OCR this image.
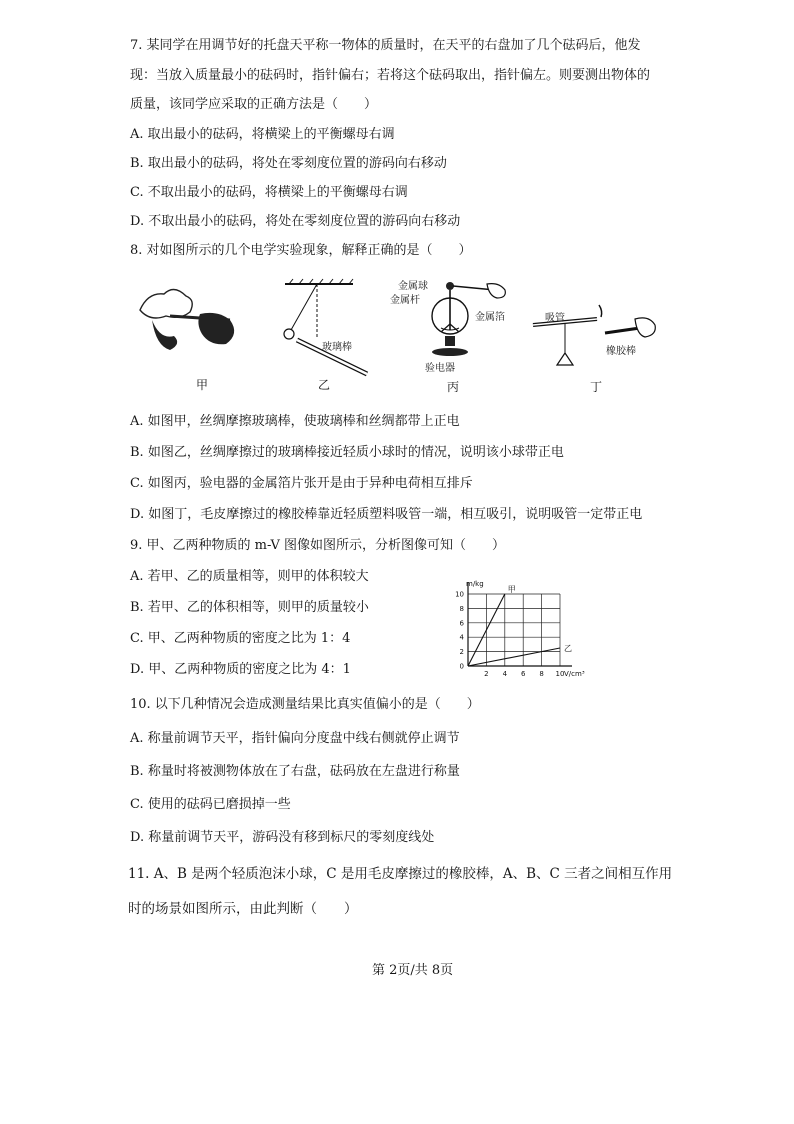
7. 某同学在用调节好的托盘天平称一物体的质量时，在天平的右盘加了几个砝码后，他发
现：当放入质量最小的砝码时，指针偏右；若将这个砝码取出，指针偏左。则要测出物体的
质量，该同学应采取的正确方法是（　　）
A. 取出最小的砝码，将横梁上的平衡螺母右调
B. 取出最小的砝码，将处在零刻度位置的游码向右移动
C. 不取出最小的砝码，将横梁上的平衡螺母右调
D. 不取出最小的砝码，将处在零刻度位置的游码向右移动
8. 对如图所示的几个电学实验现象，解释正确的是（　　）
甲
玻璃棒
乙
金属球
金属杆
金属箔
验电器
丙
吸管
橡胶棒
丁
A. 如图甲，丝绸摩擦玻璃棒，使玻璃棒和丝绸都带上正电
B. 如图乙，丝绸摩擦过的玻璃棒接近轻质小球时的情况，说明该小球带正电
C. 如图丙，验电器的金属箔片张开是由于异种电荷相互排斥
D. 如图丁，毛皮摩擦过的橡胶棒靠近轻质塑料吸管一端，相互吸引，说明吸管一定带正电
9. 甲、乙两种物质的 m-V 图像如图所示，分析图像可知（　　）
A. 若甲、乙的质量相等，则甲的体积较大
B. 若甲、乙的体积相等，则甲的质量较小
C. 甲、乙两种物质的密度之比为 1：4
D. 甲、乙两种物质的密度之比为 4：1	2 4 6 8 10
0
2
4
6
8
10
m/kg
V/cm³
甲
乙
10. 以下几种情况会造成测量结果比真实值偏小的是（　　）
A. 称量前调节天平，指针偏向分度盘中线右侧就停止调节
B. 称量时将被测物体放在了右盘，砝码放在左盘进行称量
C. 使用的砝码已磨损掉一些
D. 称量前调节天平，游码没有移到标尺的零刻度线处
11. A、B 是两个轻质泡沫小球，C 是用毛皮摩擦过的橡胶棒，A、B、C 三者之间相互作用
时的场景如图所示，由此判断（　　）
第 2页/共 8页
